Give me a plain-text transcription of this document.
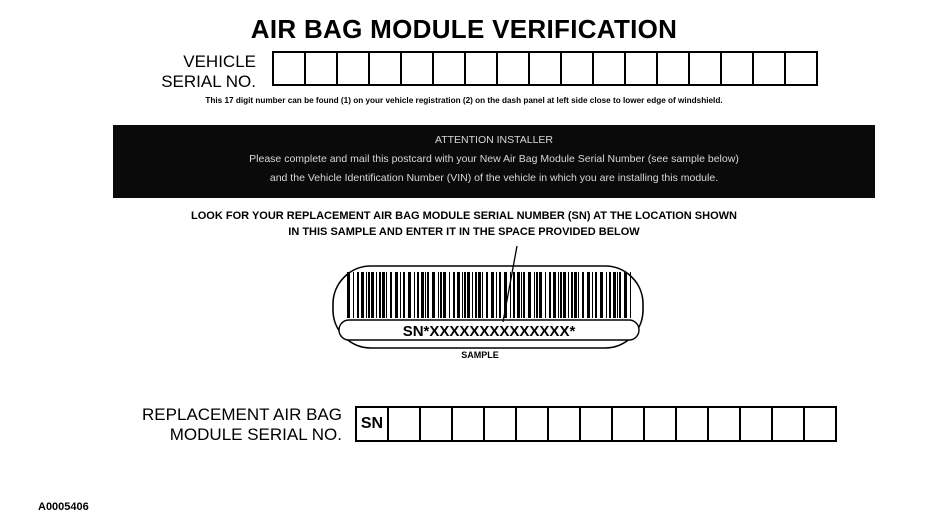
AIR BAG MODULE VERIFICATION
VEHICLE
SERIAL NO.
This 17 digit number can be found (1) on your vehicle registration (2) on the dash panel at left side close to lower edge of windshield.
ATTENTION INSTALLER
Please complete and mail this postcard with your New Air Bag Module Serial Number (see sample below)
and the Vehicle Identification Number (VIN) of the vehicle in which you are installing this module.
LOOK FOR YOUR REPLACEMENT AIR BAG MODULE SERIAL NUMBER (SN) AT THE LOCATION SHOWN
IN THIS SAMPLE AND ENTER IT IN THE SPACE PROVIDED BELOW
SN*XXXXXXXXXXXXXX*
SAMPLE
REPLACEMENT AIR BAG
MODULE SERIAL NO.
SN
A0005406
